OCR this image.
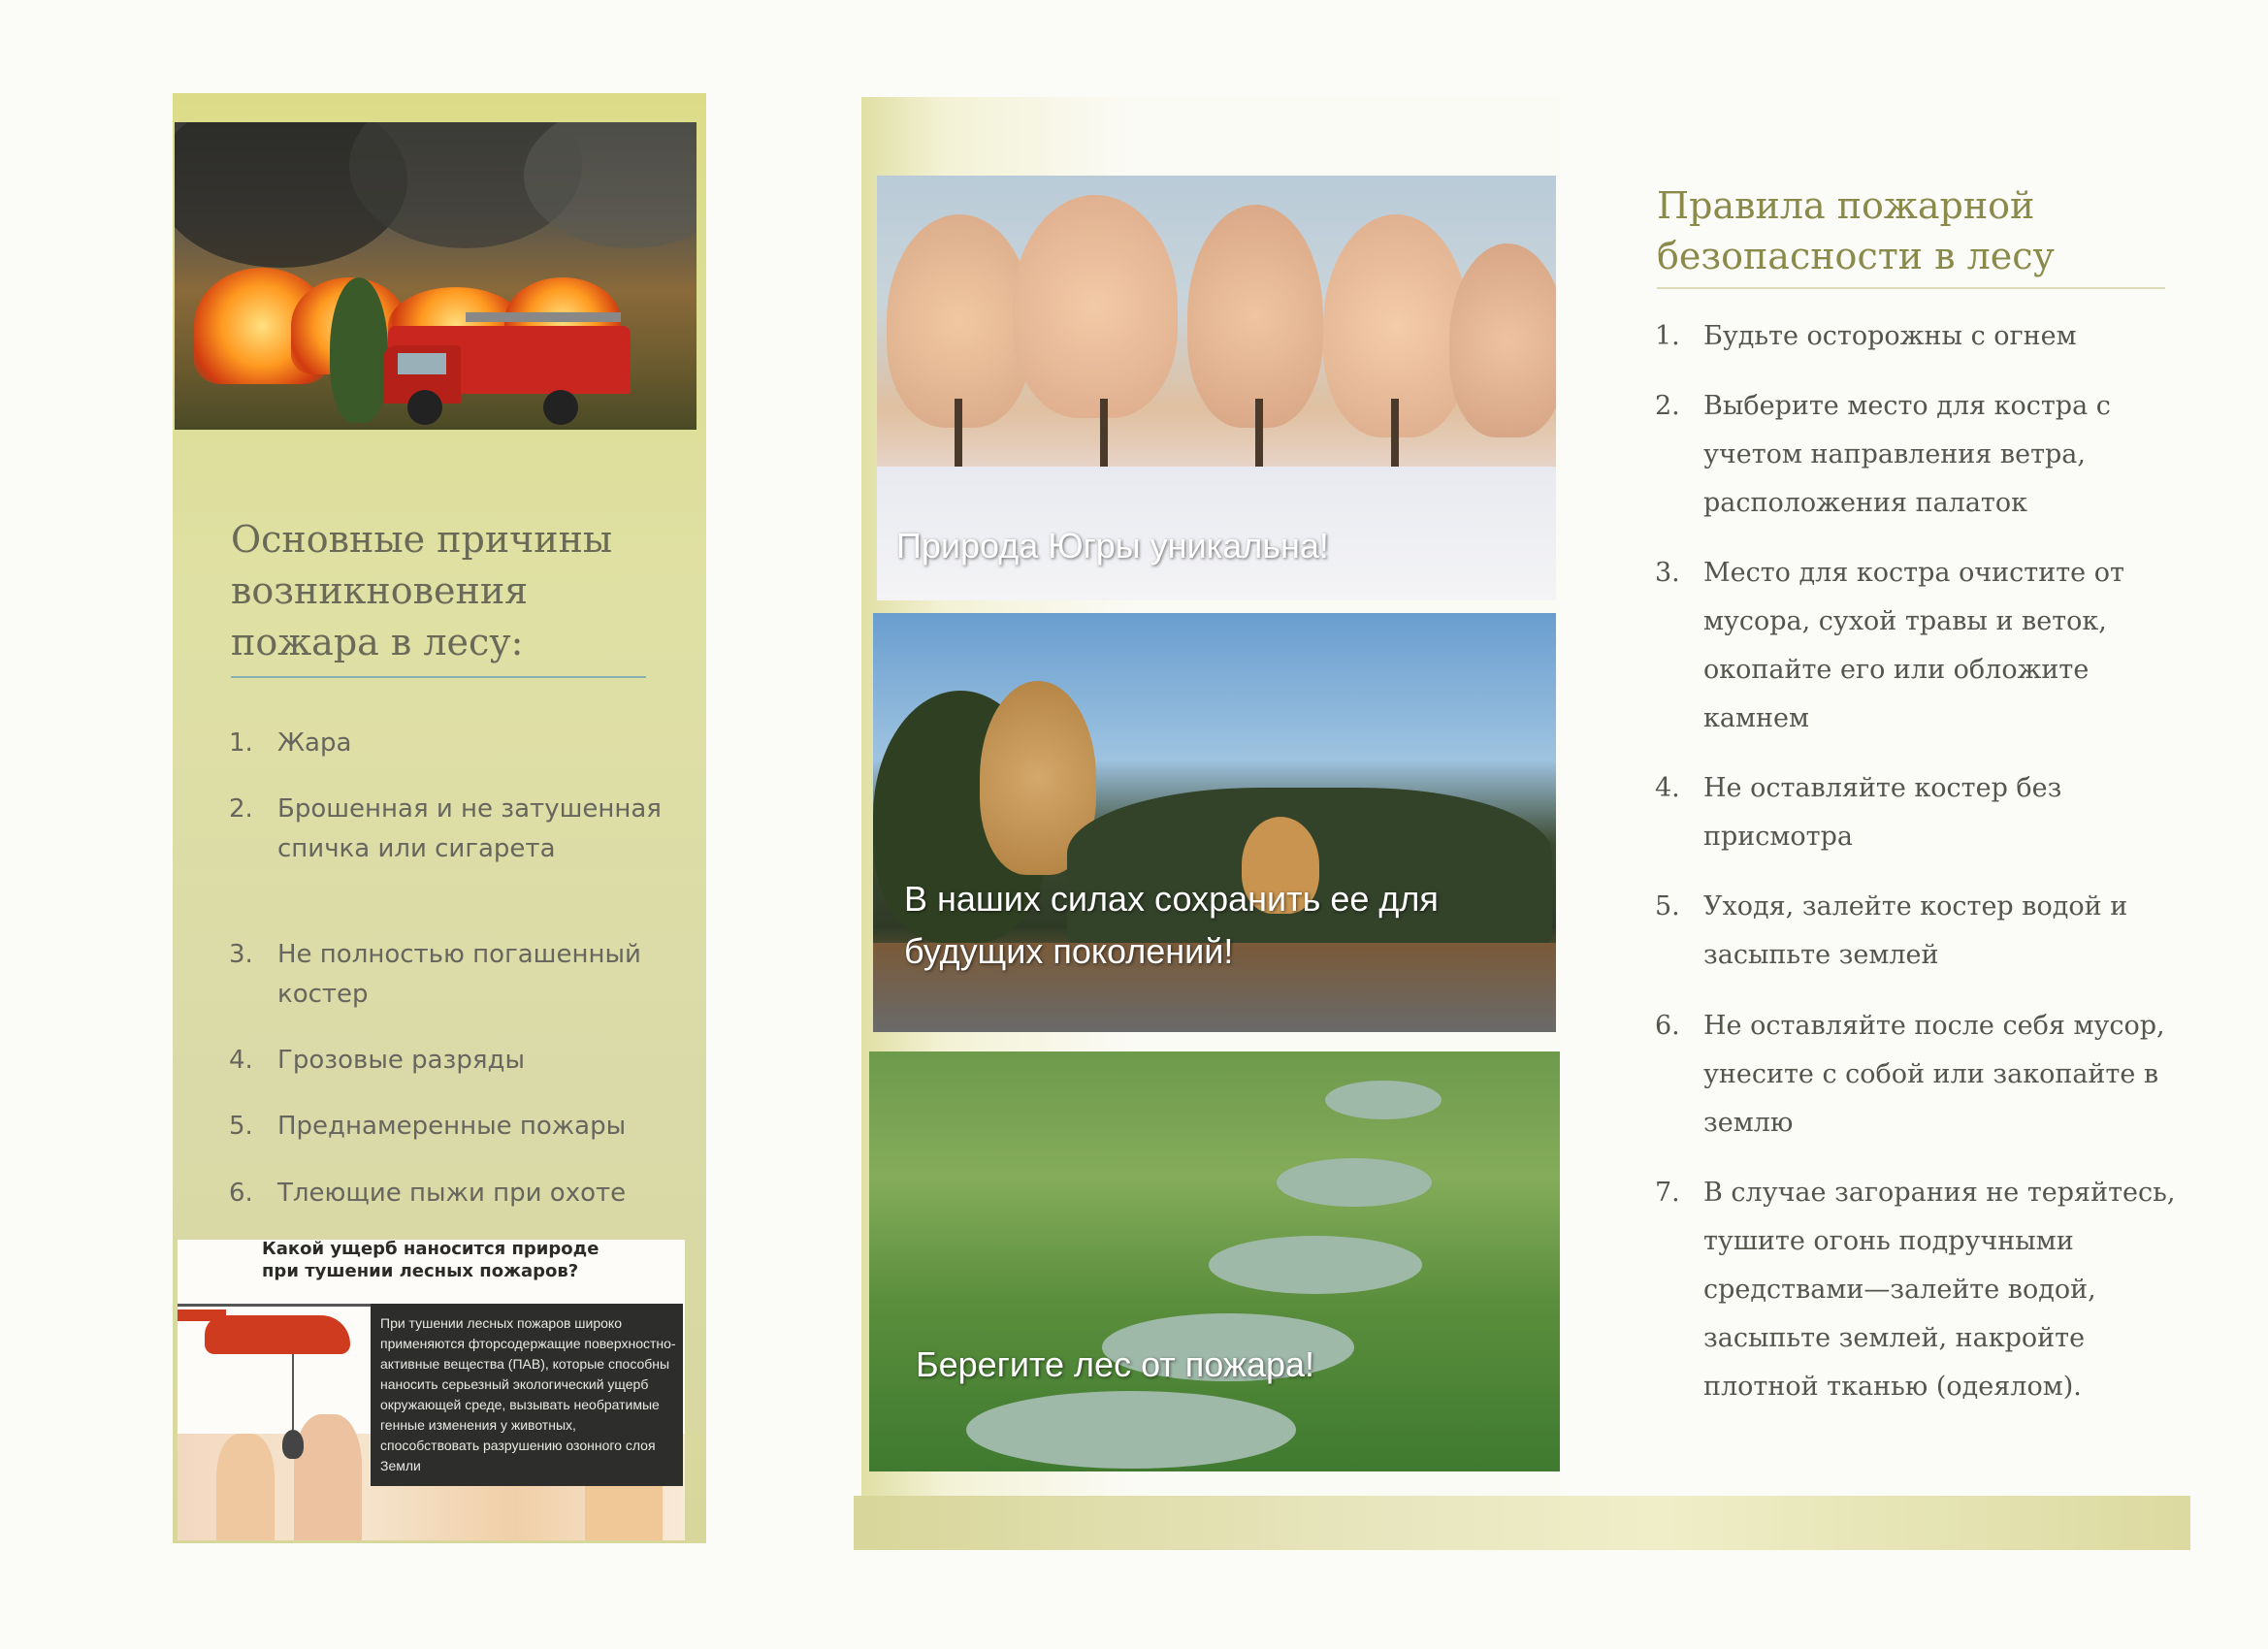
Основные причины возникновения пожара в лесу:
1. Жара
2. Брошенная и не затушенная спичка или сигарета
3. Не полностью погашенный костер
4. Грозовые разряды
5. Преднамеренные пожары
6. Тлеющие пыжи при охоте
Какой ущерб наносится природе при тушении лесных пожаров?
При тушении лесных пожаров широко применяются фторсодержащие поверхностно-активные вещества (ПАВ), которые способны наносить серьезный экологический ущерб окружающей среде, вызывать необратимые генные изменения у животных, способствовать разрушению озонного слоя Земли
Природа Югры уникальна!
В наших силах сохранить ее для будущих поколений!
Берегите лес от пожара!
Правила пожарной безопасности в лесу
1. Будьте осторожны с огнем
2. Выберите место для костра с учетом направления ветра, расположения палаток
3. Место для костра очистите от мусора, сухой травы и веток, окопайте его или обложите камнем
4. Не оставляйте костер без присмотра
5. Уходя, залейте костер водой и засыпьте землей
6. Не оставляйте после себя мусор, унесите с собой или закопайте в землю
7. В случае загорания не теряйтесь, тушите огонь подручными средствами—залейте водой, засыпьте землей, накройте плотной тканью (одеялом).
